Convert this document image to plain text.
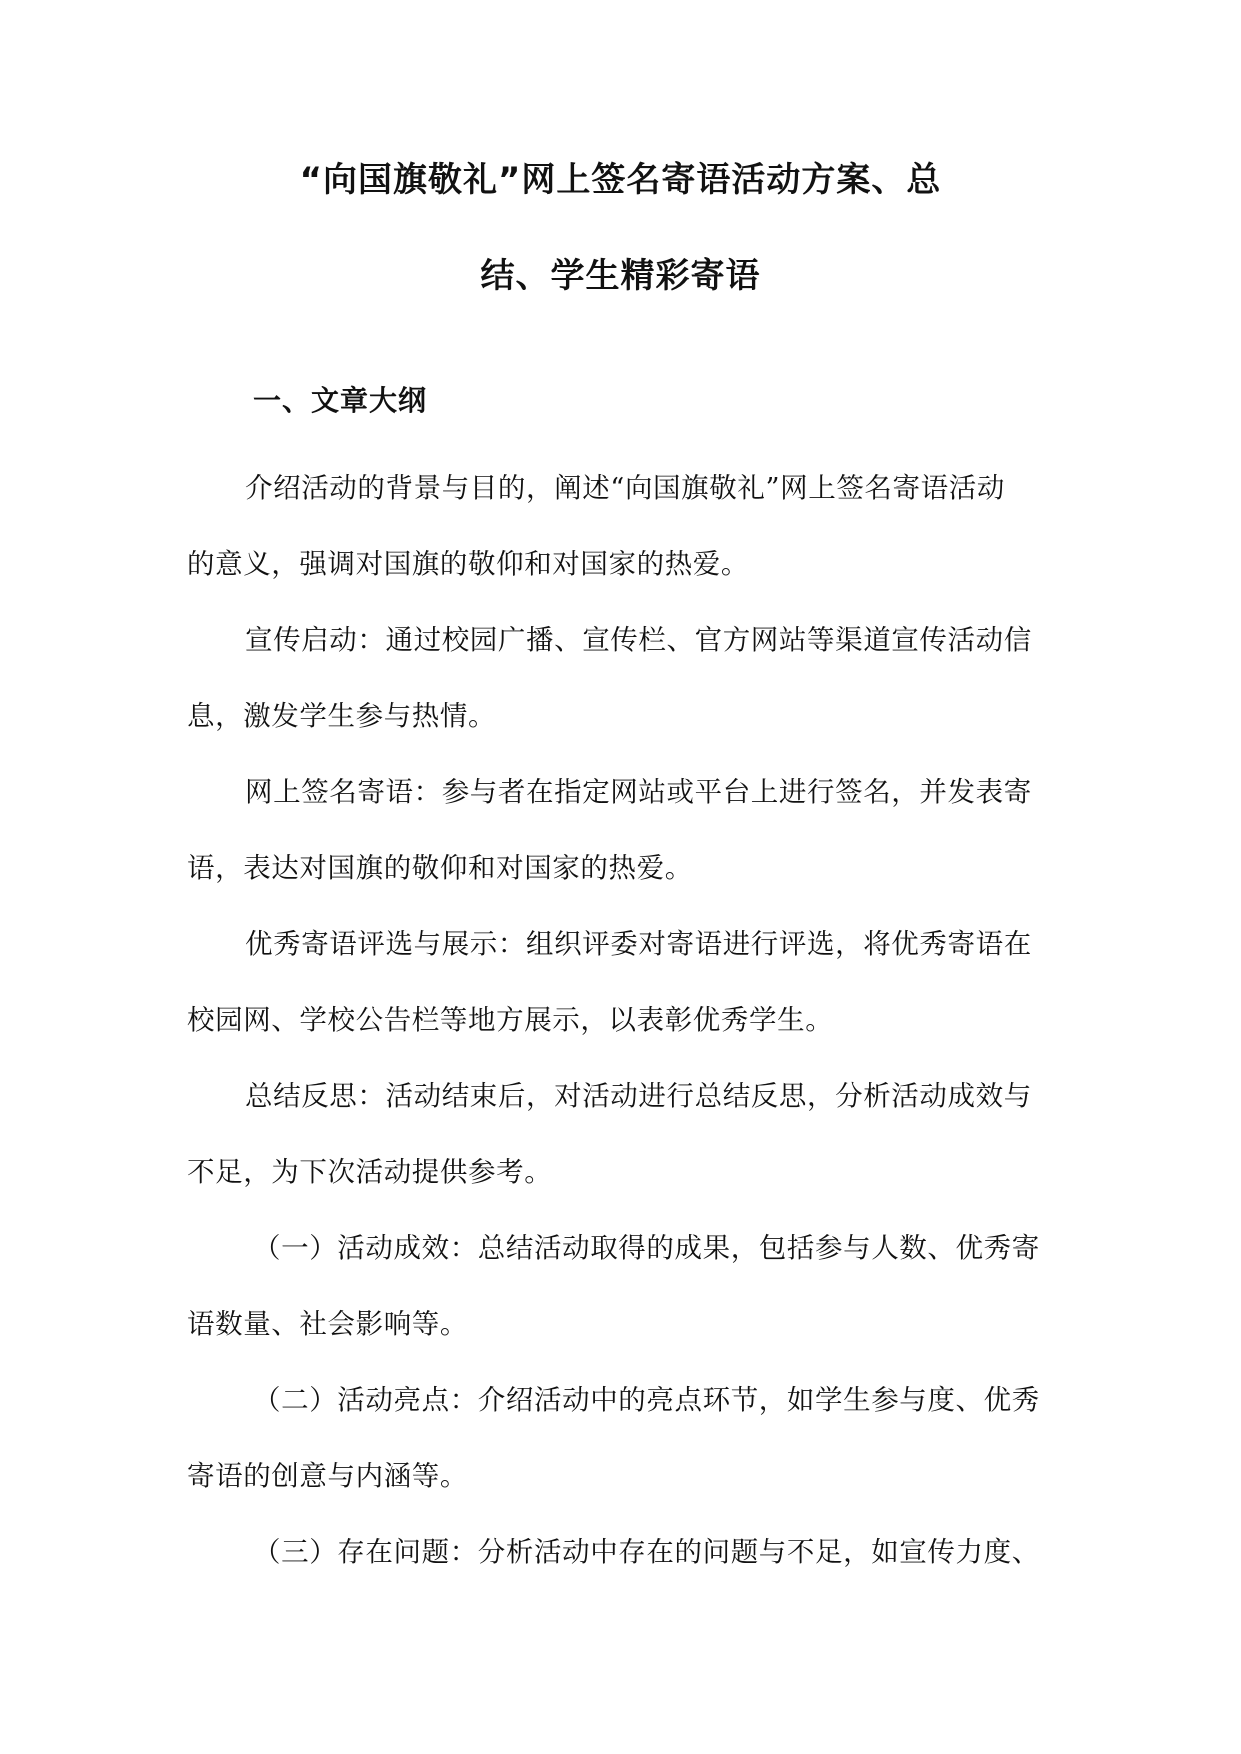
“向国旗敬礼”网上签名寄语活动方案、总
结、学生精彩寄语
一、文章大纲
介绍活动的背景与目的，阐述“向国旗敬礼”网上签名寄语活动
的意义，强调对国旗的敬仰和对国家的热爱。
宣传启动：通过校园广播、宣传栏、官方网站等渠道宣传活动信
息，激发学生参与热情。
网上签名寄语：参与者在指定网站或平台上进行签名，并发表寄
语，表达对国旗的敬仰和对国家的热爱。
优秀寄语评选与展示：组织评委对寄语进行评选，将优秀寄语在
校园网、学校公告栏等地方展示，以表彰优秀学生。
总结反思：活动结束后，对活动进行总结反思，分析活动成效与
不足，为下次活动提供参考。
（一）活动成效：总结活动取得的成果，包括参与人数、优秀寄
语数量、社会影响等。
（二）活动亮点：介绍活动中的亮点环节，如学生参与度、优秀
寄语的创意与内涵等。
（三）存在问题：分析活动中存在的问题与不足，如宣传力度、
